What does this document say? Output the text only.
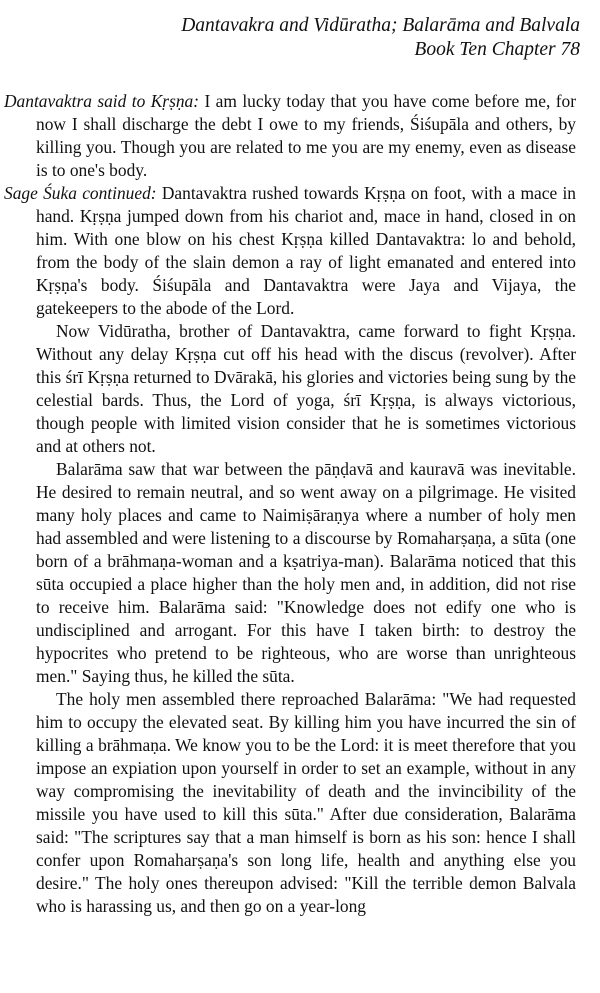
Dantavakra and Vidūratha; Balarāma and Balvala
Book Ten Chapter 78

Dantavaktra said to Kṛṣṇa: I am lucky today that you have come before me, for now I shall discharge the debt I owe to my friends, Śiśupāla and others, by killing you. Though you are related to me you are my enemy, even as disease is to one's body.

Sage Śuka continued: Dantavaktra rushed towards Kṛṣṇa on foot, with a mace in hand. Kṛṣṇa jumped down from his chariot and, mace in hand, closed in on him. With one blow on his chest Kṛṣṇa killed Dantavaktra: lo and behold, from the body of the slain demon a ray of light emanated and entered into Kṛṣṇa's body. Śiśupāla and Dantavaktra were Jaya and Vijaya, the gatekeepers to the abode of the Lord.

Now Vidūratha, brother of Dantavaktra, came forward to fight Kṛṣṇa. Without any delay Kṛṣṇa cut off his head with the discus (revolver). After this śrī Kṛṣṇa returned to Dvārakā, his glories and victories being sung by the celestial bards. Thus, the Lord of yoga, śrī Kṛṣṇa, is always victorious, though people with limited vision consider that he is sometimes victorious and at others not.

Balarāma saw that war between the pāṇḍavā and kauravā was inevitable. He desired to remain neutral, and so went away on a pilgrimage. He visited many holy places and came to Naimiṣāraṇya where a number of holy men had assembled and were listening to a discourse by Romaharṣaṇa, a sūta (one born of a brāhmaṇa-woman and a kṣatriya-man). Balarāma noticed that this sūta occupied a place higher than the holy men and, in addition, did not rise to receive him. Balarāma said: "Knowledge does not edify one who is undisciplined and arrogant. For this have I taken birth: to destroy the hypocrites who pretend to be righteous, who are worse than unrighteous men." Saying thus, he killed the sūta.

The holy men assembled there reproached Balarāma: "We had requested him to occupy the elevated seat. By killing him you have incurred the sin of killing a brāhmaṇa. We know you to be the Lord: it is meet therefore that you impose an expiation upon yourself in order to set an example, without in any way compromising the inevitability of death and the invincibility of the missile you have used to kill this sūta." After due consideration, Balarāma said: "The scriptures say that a man himself is born as his son: hence I shall confer upon Romaharṣaṇa's son long life, health and anything else you desire." The holy ones thereupon advised: "Kill the terrible demon Balvala who is harassing us, and then go on a year-long
